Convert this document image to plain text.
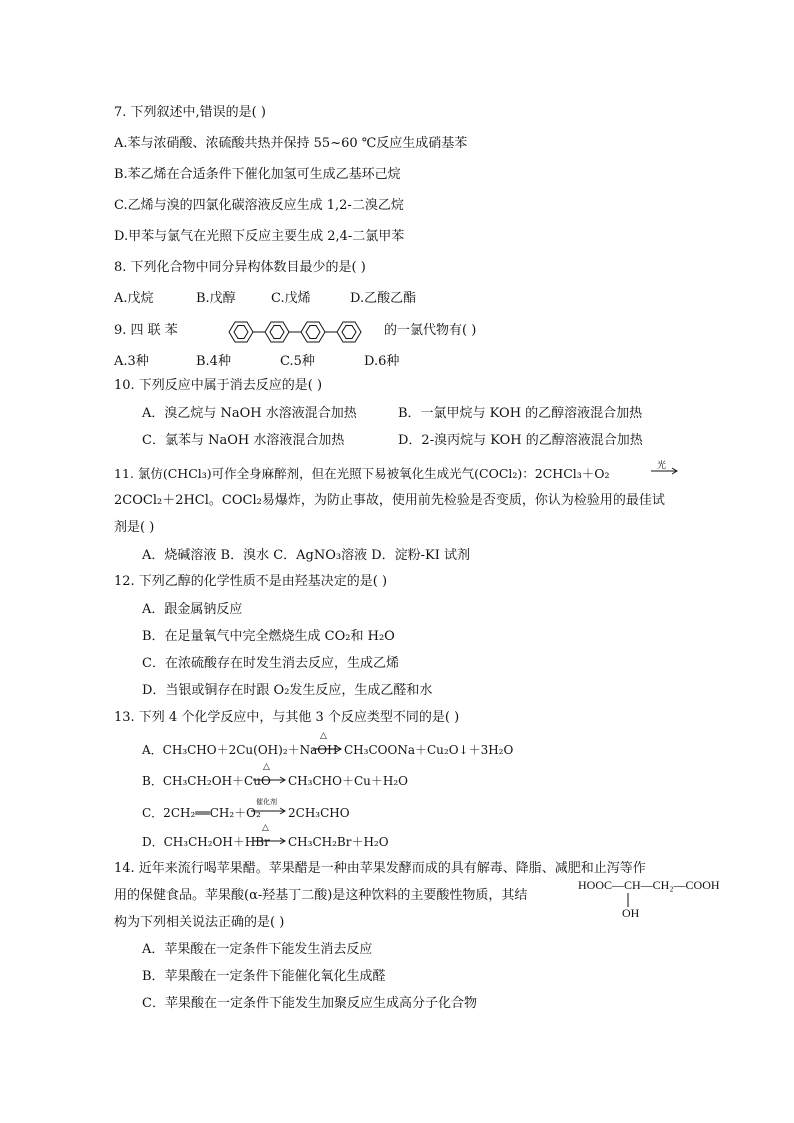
7. 下列叙述中,错误的是( )
A.苯与浓硝酸、浓硫酸共热并保持 55~60 ℃反应生成硝基苯
B.苯乙烯在合适条件下催化加氢可生成乙基环己烷
C.乙烯与溴的四氯化碳溶液反应生成 1,2-二溴乙烷
D.甲苯与氯气在光照下反应主要生成 2,4-二氯甲苯
8. 下列化合物中同分异构体数目最少的是( )
A.戊烷	B.戊醇	C.戊烯	D.乙酸乙酯
9. 四 联 苯	的一氯代物有( )
A.3种	B.4种	C.5种	D.6种
10. 下列反应中属于消去反应的是( )
A．溴乙烷与 NaOH 水溶液混合加热	B．一氯甲烷与 KOH 的乙醇溶液混合加热
C．氯苯与 NaOH 水溶液混合加热	D．2-溴丙烷与 KOH 的乙醇溶液混合加热
11. 氯仿(CHCl₃)可作全身麻醉剂，但在光照下易被氧化生成光气(COCl₂)：2CHCl₃＋O₂	光
2COCl₂＋2HCl。COCl₂易爆炸，为防止事故，使用前先检验是否变质，你认为检验用的最佳试
剂是( )
A．烧碱溶液 B．溴水 C．AgNO₃溶液 D．淀粉-KI 试剂
12. 下列乙醇的化学性质不是由羟基决定的是( )
A．跟金属钠反应
B．在足量氧气中完全燃烧生成 CO₂和 H₂O
C．在浓硫酸存在时发生消去反应，生成乙烯
D．当银或铜存在时跟 O₂发生反应，生成乙醛和水
13. 下列 4 个化学反应中，与其他 3 个反应类型不同的是( )
A．CH₃CHO＋2Cu(OH)₂＋NaOH
△
→ CH₃COONa＋Cu₂O↓＋3H₂O
B．CH₃CH₂OH＋CuO
△
→ CH₃CHO＋Cu＋H₂O
C．2CH₂══CH₂＋O₂
催化剂
→ 2CH₃CHO
D．CH₃CH₂OH＋HBr
△
→ CH₃CH₂Br＋H₂O
14. 近年来流行喝苹果醋。苹果醋是一种由苹果发酵而成的具有解毒、降脂、减肥和止泻等作
用的保健食品。苹果酸(α-羟基丁二酸)是这种饮料的主要酸性物质，其结
构为下列相关说法正确的是( )
HOOC—CH—CH₂—COOH
OH
A．苹果酸在一定条件下能发生消去反应
B．苹果酸在一定条件下能催化氧化生成醛
C．苹果酸在一定条件下能发生加聚反应生成高分子化合物
